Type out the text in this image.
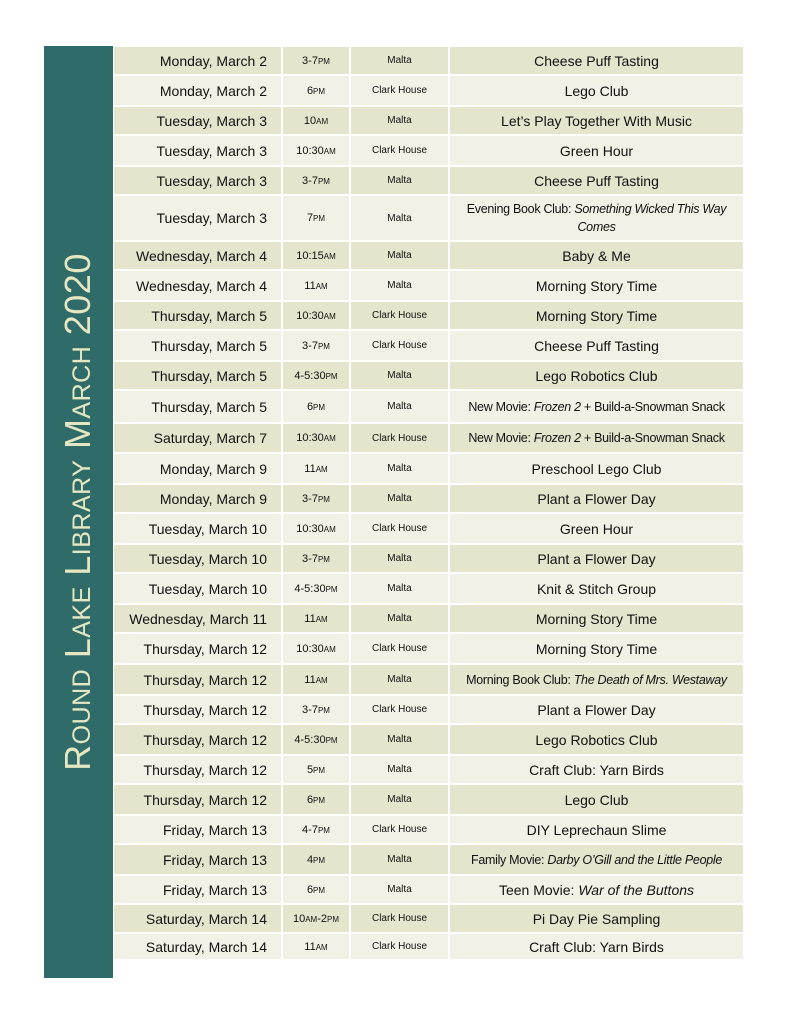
Round Lake Library March 2020
Monday, March 2	3-7pm	Malta	Cheese Puff Tasting
Monday, March 2	6pm	Clark House	Lego Club
Tuesday, March 3	10am	Malta	Let’s Play Together With Music
Tuesday, March 3	10:30am	Clark House	Green Hour
Tuesday, March 3	3-7pm	Malta	Cheese Puff Tasting
Tuesday, March 3	7pm	Malta	Evening Book Club: Something Wicked This Way Comes
Wednesday, March 4	10:15am	Malta	Baby & Me
Wednesday, March 4	11am	Malta	Morning Story Time
Thursday, March 5	10:30am	Clark House	Morning Story Time
Thursday, March 5	3-7pm	Clark House	Cheese Puff Tasting
Thursday, March 5	4-5:30pm	Malta	Lego Robotics Club
Thursday, March 5	6pm	Malta	New Movie: Frozen 2 + Build-a-Snowman Snack
Saturday, March 7	10:30am	Clark House	New Movie: Frozen 2 + Build-a-Snowman Snack
Monday, March 9	11am	Malta	Preschool Lego Club
Monday, March 9	3-7pm	Malta	Plant a Flower Day
Tuesday, March 10	10:30am	Clark House	Green Hour
Tuesday, March 10	3-7pm	Malta	Plant a Flower Day
Tuesday, March 10	4-5:30pm	Malta	Knit & Stitch Group
Wednesday, March 11	11am	Malta	Morning Story Time
Thursday, March 12	10:30am	Clark House	Morning Story Time
Thursday, March 12	11am	Malta	Morning Book Club: The Death of Mrs. Westaway
Thursday, March 12	3-7pm	Clark House	Plant a Flower Day
Thursday, March 12	4-5:30pm	Malta	Lego Robotics Club
Thursday, March 12	5pm	Malta	Craft Club: Yarn Birds
Thursday, March 12	6pm	Malta	Lego Club
Friday, March 13	4-7pm	Clark House	DIY Leprechaun Slime
Friday, March 13	4pm	Malta	Family Movie: Darby O’Gill and the Little People
Friday, March 13	6pm	Malta	Teen Movie: War of the Buttons
Saturday, March 14	10am-2pm	Clark House	Pi Day Pie Sampling
Saturday, March 14	11am	Clark House	Craft Club: Yarn Birds
